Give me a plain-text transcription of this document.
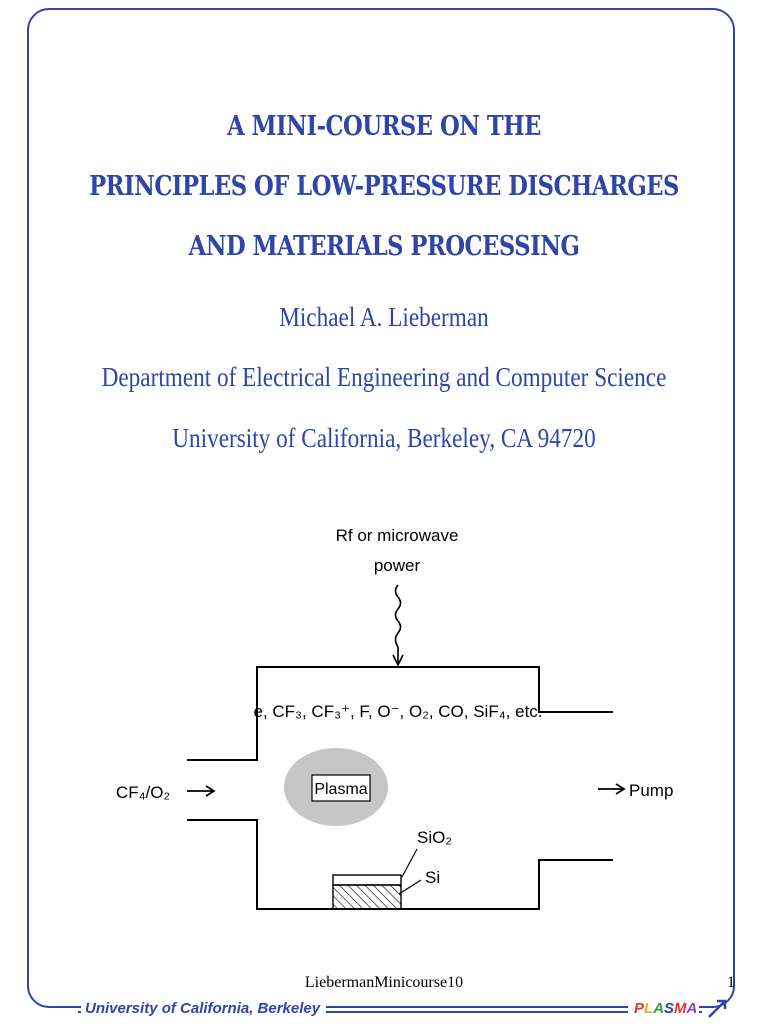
A MINI-COURSE ON THE
PRINCIPLES OF LOW-PRESSURE DISCHARGES
AND MATERIALS PROCESSING
Michael A. Lieberman
Department of Electrical Engineering and Computer Science
University of California, Berkeley, CA 94720
Rf or microwave
power
e, CF₃, CF₃⁺, F, O⁻, O₂, CO, SiF₄, etc.
Plasma
CF₄/O₂	Pump
SiO₂
Si
LiebermanMinicourse10	1
University of California, Berkeley	PLASMA
